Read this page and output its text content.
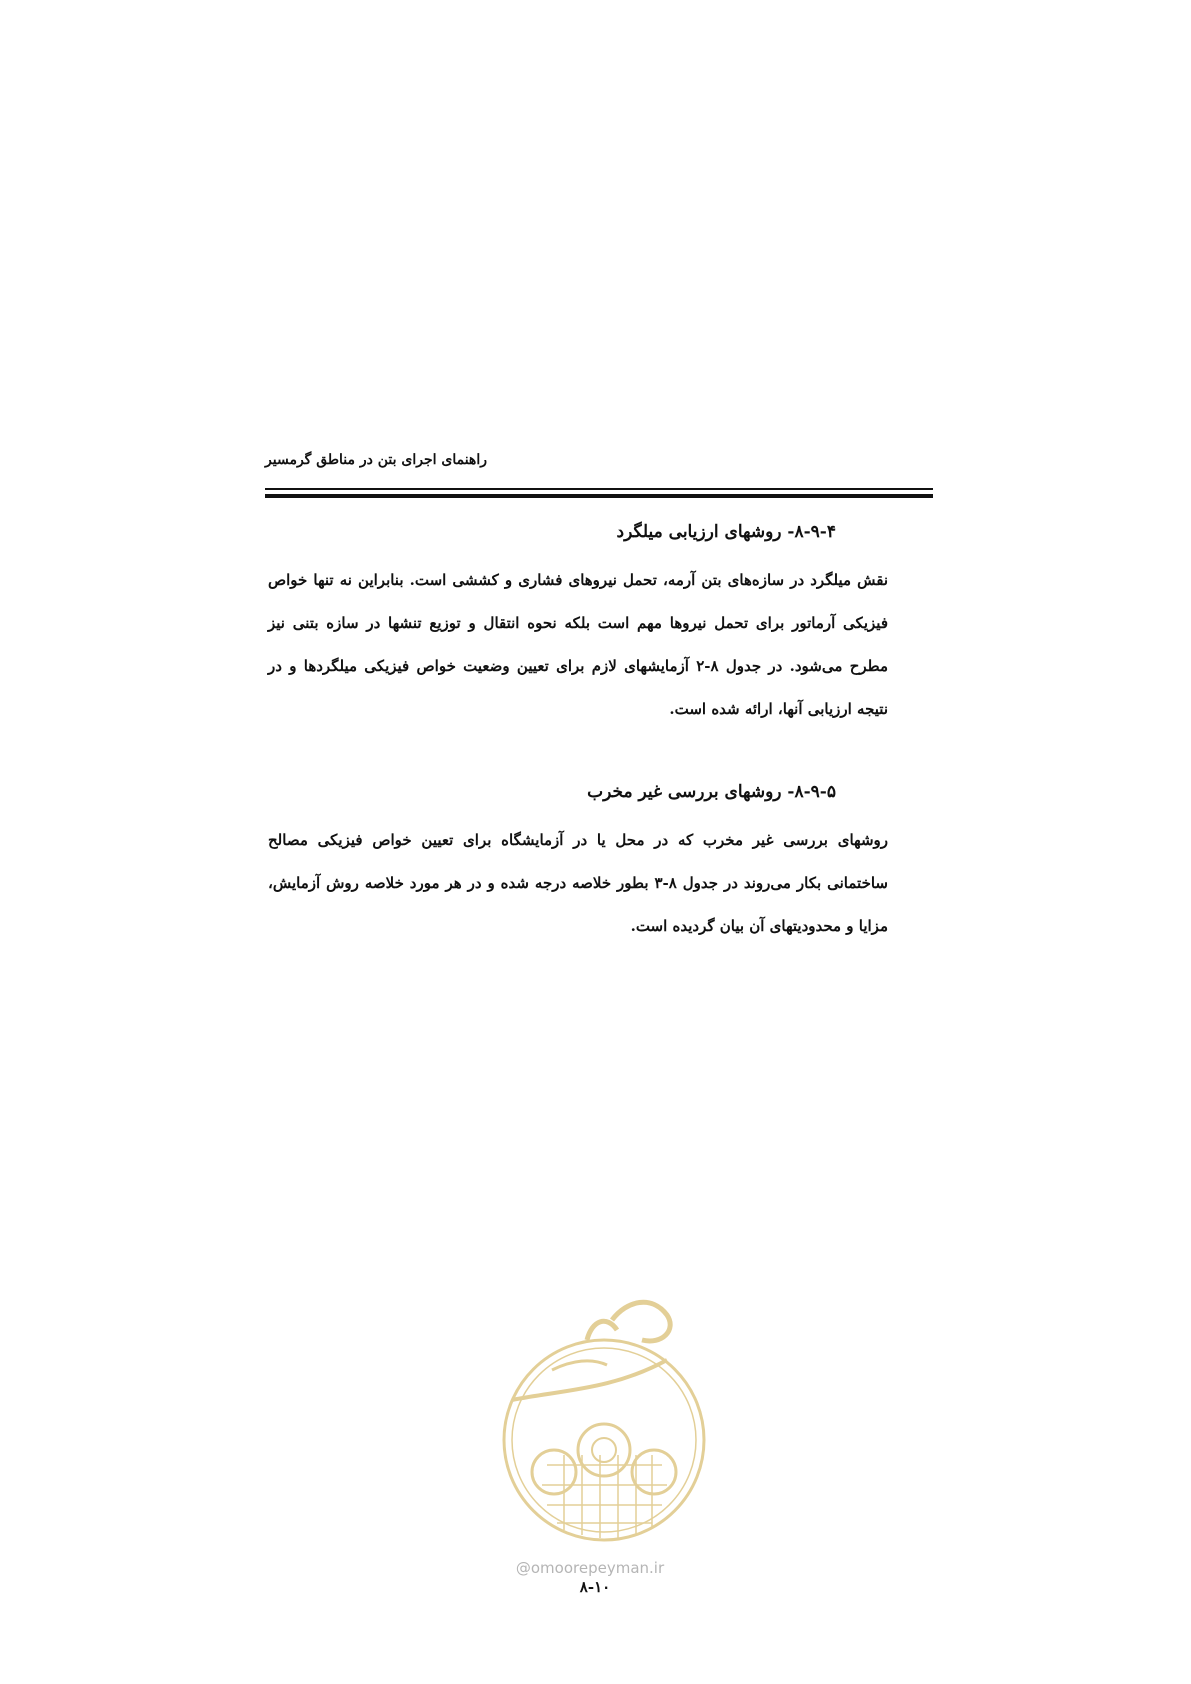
راهنمای اجرای بتن در مناطق گرمسیر
۸-۹-۴- روشهای ارزیابی میلگرد
نقش میلگرد در سازه‌های بتن آرمه، تحمل نیروهای فشاری و کششی است. بنابراین نه تنها خواص فیزیکی آرماتور برای تحمل نیروها مهم است بلکه نحوه انتقال و توزیع تنشها در سازه بتنی نیز مطرح می‌شود. در جدول ۸-۲ آزمایشهای لازم برای تعیین وضعیت خواص فیزیکی میلگردها و در نتیجه ارزیابی آنها، ارائه شده است.
۸-۹-۵- روشهای بررسی غیر مخرب
روشهای بررسی غیر مخرب که در محل یا در آزمایشگاه برای تعیین خواص فیزیکی مصالح ساختمانی بکار می‌روند در جدول ۸-۳ بطور خلاصه درجه شده و در هر مورد خلاصه روش آزمایش، مزایا و محدودیتهای آن بیان گردیده است.
@omoorepeyman.ir
۸-۱۰
